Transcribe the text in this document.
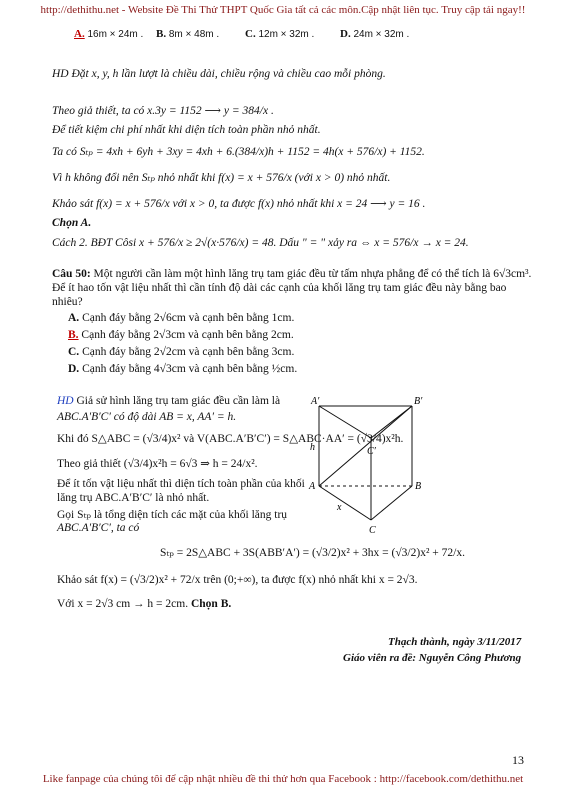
http://dethithu.net - Website Đề Thi Thử THPT Quốc Gia tất cả các môn.Cập nhật liên tục. Truy cập tải ngay!!
A. 16m × 24m . B. 8m × 48m . C. 12m × 32m . D. 24m × 32m .
HD Đặt x, y, h lần lượt là chiều dài, chiều rộng và chiều cao mỗi phòng.
Theo giả thiết, ta có x.3y = 1152 ⟶ y = 384/x .
Để tiết kiệm chi phí nhất khi diện tích toàn phần nhỏ nhất.
Ta có Sₜₚ = 4xh + 6yh + 3xy = 4xh + 6.(384/x)h + 1152 = 4h(x + 576/x) + 1152.
Vì h không đổi nên Sₜₚ nhỏ nhất khi f(x) = x + 576/x (với x > 0) nhỏ nhất.
Khảo sát f(x) = x + 576/x với x > 0, ta được f(x) nhỏ nhất khi x = 24 ⟶ y = 16 .
Chọn A.
Cách 2. BĐT Côsi x + 576/x ≥ 2√(x·576/x) = 48. Dấu " = " xảy ra ⇔ x = 576/x → x = 24.
Câu 50: Một người cần làm một hình lăng trụ tam giác đều từ tấm nhựa phẳng để có thể tích là 6√3cm³. Để ít hao tốn vật liệu nhất thì cần tính độ dài các cạnh của khối lăng trụ tam giác đều này bằng bao nhiêu?
A. Cạnh đáy bằng 2√6cm và cạnh bên bằng 1cm.
B. Cạnh đáy bằng 2√3cm và cạnh bên bằng 2cm.
C. Cạnh đáy bằng 2√2cm và cạnh bên bằng 3cm.
D. Cạnh đáy bằng 4√3cm và cạnh bên bằng ½cm.
HD Giả sử hình lăng trụ tam giác đều cần làm là
ABC.A′B′C′ có độ dài AB = x, AA′ = h.
Khi đó S△ABC = (√3/4)x² và V(ABC.A′B′C′) = S△ABC·AA′ = (√3/4)x²h.
Theo giả thiết (√3/4)x²h = 6√3 ⇒ h = 24/x².
Để ít tốn vật liệu nhất thì diện tích toàn phần của khối
lăng trụ ABC.A′B′C′ là nhỏ nhất.
Gọi Sₜₚ là tổng diện tích các mặt của khối lăng trụ
ABC.A′B′C′, ta có
Sₜₚ = 2S△ABC + 3S(ABB′A′) = (√3/2)x² + 3hx = (√3/2)x² + 72/x.
Khảo sát f(x) = (√3/2)x² + 72/x trên (0;+∞), ta được f(x) nhỏ nhất khi x = 2√3.
Với x = 2√3 cm → h = 2cm. Chọn B.
A′	B′
C′
A	B
C
h
x
Thạch thành, ngày 3/11/2017
Giáo viên ra đề: Nguyễn Công Phương
13
Like fanpage của chúng tôi để cập nhật nhiều đề thi thử hơn qua Facebook : http://facebook.com/dethithu.net
